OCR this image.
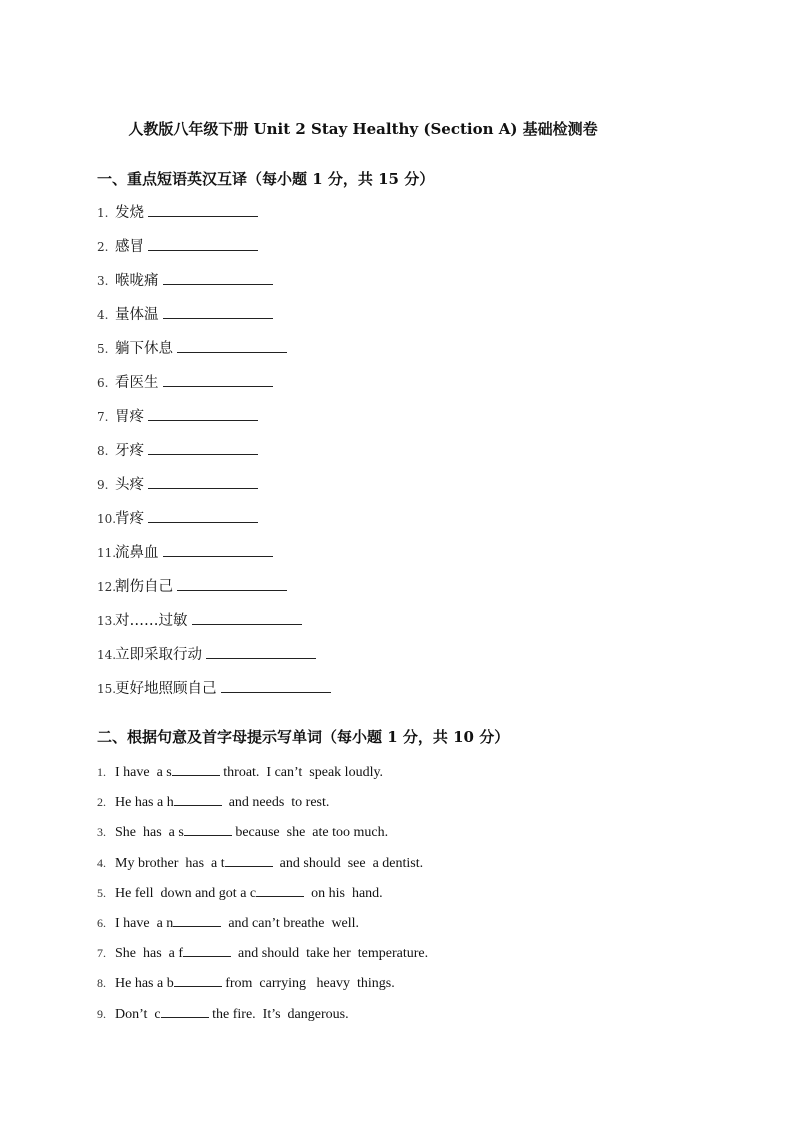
人教版八年级下册 Unit 2 Stay Healthy (Section A) 基础检测卷
一、重点短语英汉互译（每小题 1 分，共 15 分）
1. 发烧
2. 感冒
3. 喉咙痛
4. 量体温
5. 躺下休息
6. 看医生
7. 胃疼
8. 牙疼
9. 头疼
10.背疼
11.流鼻血
12.割伤自己
13.对……过敏
14.立即采取行动
15.更好地照顾自己
二、根据句意及首字母提示写单词（每小题 1 分，共 10 分）
1. I have  a s	throat.  I can’t  speak loudly.
2. He has a h	and needs  to rest.
3. She  has  a s	because  she  ate too much.
4. My brother  has  a t	and should  see  a dentist.
5. He fell  down and got a c	on his  hand.
6. I have  a n	and can’t breathe  well.
7. She  has  a f	and should  take her  temperature.
8. He has a b	from  carrying   heavy  things.
9. Don’t  c	the fire.  It’s  dangerous.
